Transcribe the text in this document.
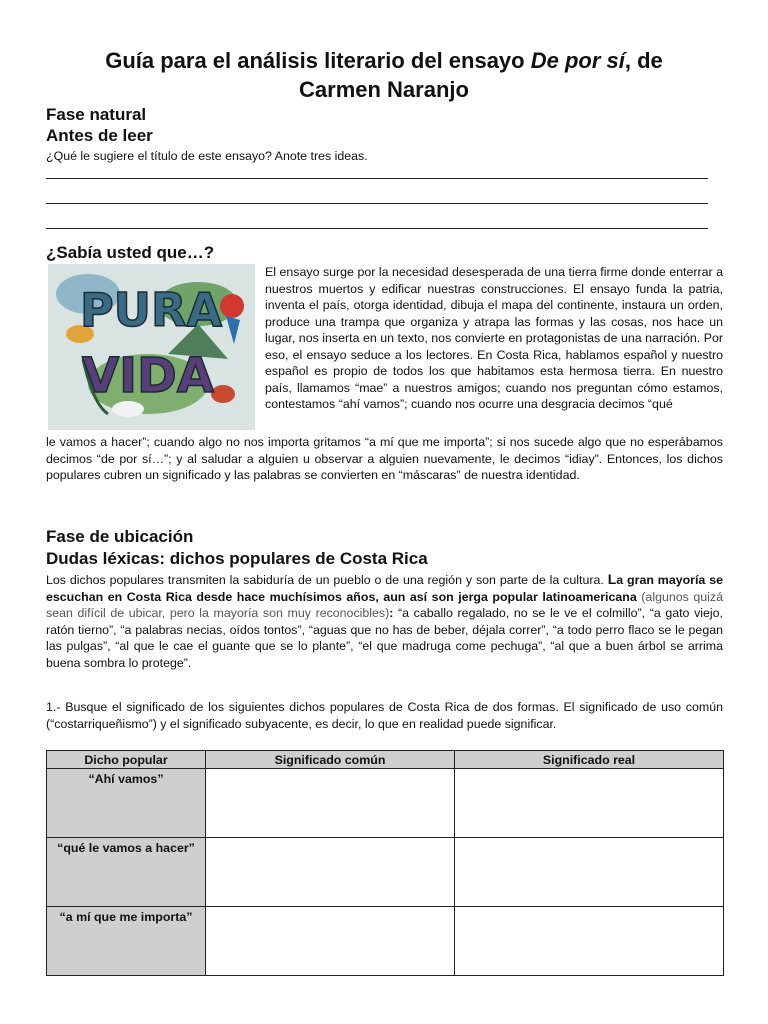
Guía para el análisis literario del ensayo De por sí, de
Carmen Naranjo
Fase natural
Antes de leer
¿Qué le sugiere el título de este ensayo? Anote tres ideas.
¿Sabía usted que…?
PURA
VIDA
El ensayo surge por la necesidad desesperada de una tierra firme donde enterrar a nuestros muertos y edificar nuestras construcciones. El ensayo funda la patria, inventa el país, otorga identidad, dibuja el mapa del continente, instaura un orden, produce una trampa que organiza y atrapa las formas y las cosas, nos hace un lugar, nos inserta en un texto, nos convierte en protagonistas de una narración. Por eso, el ensayo seduce a los lectores. En Costa Rica, hablamos español y nuestro español es propio de todos los que habitamos esta hermosa tierra. En nuestro país, llamamos “mae” a nuestros amigos; cuando nos preguntan cómo estamos, contestamos “ahí vamos”; cuando nos ocurre una desgracia decimos “qué
le vamos a hacer”; cuando algo no nos importa gritamos “a mí que me importa”; si nos sucede algo que no esperábamos decimos “de por sí…”; y al saludar a alguien u observar a alguien nuevamente, le decimos “idiay”. Entonces, los dichos populares cubren un significado y las palabras se convierten en “máscaras” de nuestra identidad.
Fase de ubicación
Dudas léxicas: dichos populares de Costa Rica
Los dichos populares transmiten la sabiduría de un pueblo o de una región y son parte de la cultura. La gran mayoría se escuchan en Costa Rica desde hace muchísimos años, aun así son jerga popular latinoamericana (algunos quizá sean difícil de ubicar, pero la mayoría son muy reconocibles): “a caballo regalado, no se le ve el colmillo”, “a gato viejo, ratón tierno”, “a palabras necias, oídos tontos”, “aguas que no has de beber, déjala correr”, “a todo perro flaco se le pegan las pulgas”, “al que le cae el guante que se lo plante”, “el que madruga come pechuga”, “al que a buen árbol se arrima buena sombra lo protege”.
1.- Busque el significado de los siguientes dichos populares de Costa Rica de dos formas. El significado de uso común (“costarriqueñismo”) y el significado subyacente, es decir, lo que en realidad puede significar.
Dicho popular	Significado común	Significado real
“Ahí vamos”		
“qué le vamos a hacer”		
“a mí que me importa”		
